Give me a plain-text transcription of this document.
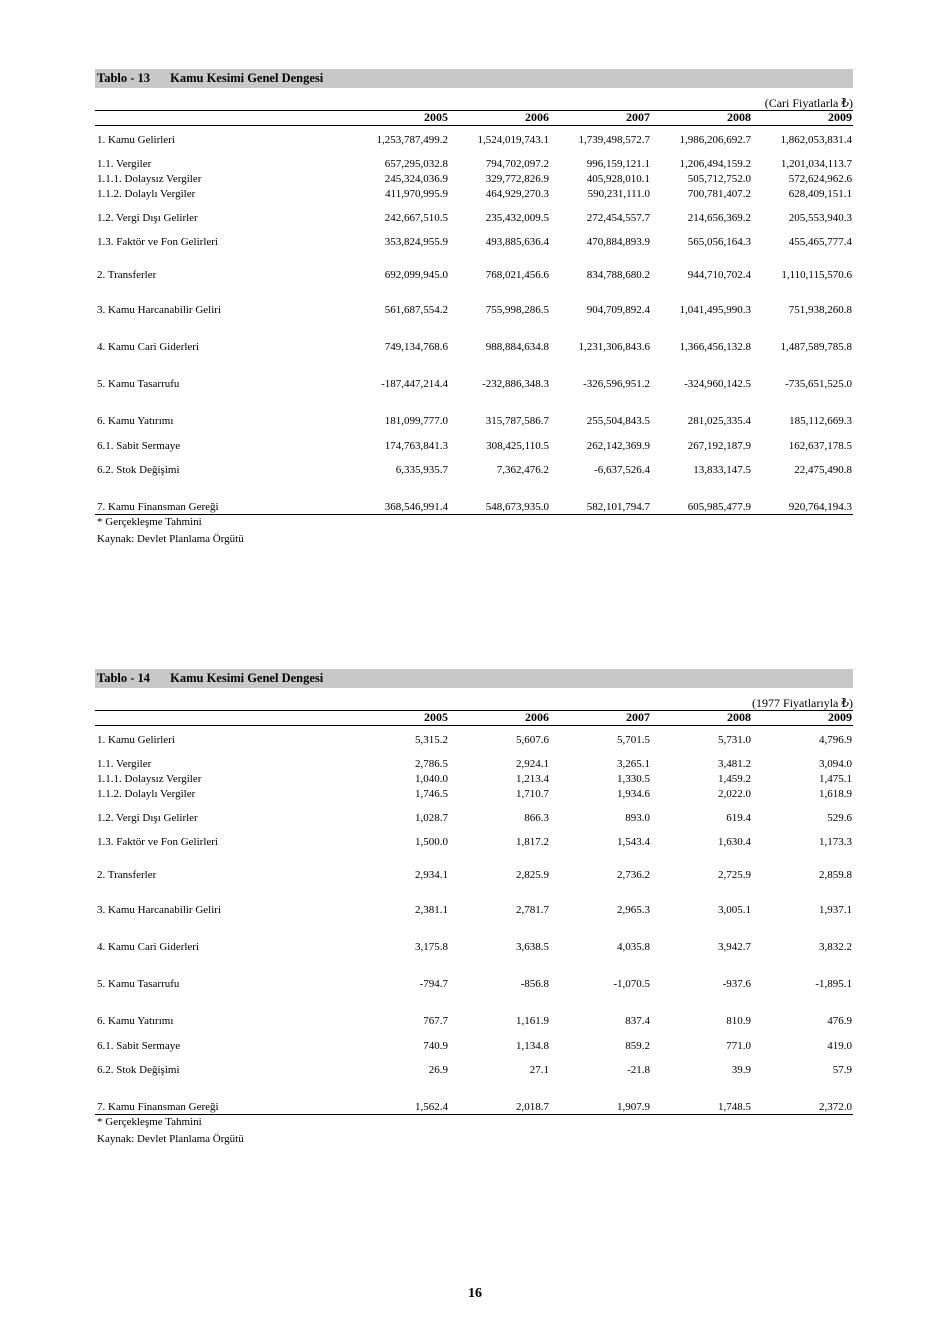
Tablo - 13 Kamu Kesimi Genel Dengesi
(Cari Fiyatlarla ₺)
2005	2006	2007	2008	2009
1. Kamu Gelirleri	1,253,787,499.2	1,524,019,743.1	1,739,498,572.7	1,986,206,692.7	1,862,053,831.4
1.1. Vergiler	657,295,032.8	794,702,097.2	996,159,121.1	1,206,494,159.2	1,201,034,113.7
1.1.1. Dolaysız Vergiler	245,324,036.9	329,772,826.9	405,928,010.1	505,712,752.0	572,624,962.6
1.1.2. Dolaylı Vergiler	411,970,995.9	464,929,270.3	590,231,111.0	700,781,407.2	628,409,151.1
1.2. Vergi Dışı Gelirler	242,667,510.5	235,432,009.5	272,454,557.7	214,656,369.2	205,553,940.3
1.3. Faktör ve Fon Gelirleri	353,824,955.9	493,885,636.4	470,884,893.9	565,056,164.3	455,465,777.4
2. Transferler	692,099,945.0	768,021,456.6	834,788,680.2	944,710,702.4	1,110,115,570.6
3. Kamu Harcanabilir Geliri	561,687,554.2	755,998,286.5	904,709,892.4	1,041,495,990.3	751,938,260.8
4. Kamu Cari Giderleri	749,134,768.6	988,884,634.8	1,231,306,843.6	1,366,456,132.8	1,487,589,785.8
5. Kamu Tasarrufu	-187,447,214.4	-232,886,348.3	-326,596,951.2	-324,960,142.5	-735,651,525.0
6. Kamu Yatırımı	181,099,777.0	315,787,586.7	255,504,843.5	281,025,335.4	185,112,669.3
6.1. Sabit Sermaye	174,763,841.3	308,425,110.5	262,142,369.9	267,192,187.9	162,637,178.5
6.2. Stok Değişimi	6,335,935.7	7,362,476.2	-6,637,526.4	13,833,147.5	22,475,490.8
7. Kamu Finansman Gereği	368,546,991.4	548,673,935.0	582,101,794.7	605,985,477.9	920,764,194.3
* Gerçekleşme Tahmini
Kaynak: Devlet Planlama Örgütü
Tablo - 14 Kamu Kesimi Genel Dengesi
(1977 Fiyatlarıyla ₺)
2005	2006	2007	2008	2009
1. Kamu Gelirleri	5,315.2	5,607.6	5,701.5	5,731.0	4,796.9
1.1. Vergiler	2,786.5	2,924.1	3,265.1	3,481.2	3,094.0
1.1.1. Dolaysız Vergiler	1,040.0	1,213.4	1,330.5	1,459.2	1,475.1
1.1.2. Dolaylı Vergiler	1,746.5	1,710.7	1,934.6	2,022.0	1,618.9
1.2. Vergi Dışı Gelirler	1,028.7	866.3	893.0	619.4	529.6
1.3. Faktör ve Fon Gelirleri	1,500.0	1,817.2	1,543.4	1,630.4	1,173.3
2. Transferler	2,934.1	2,825.9	2,736.2	2,725.9	2,859.8
3. Kamu Harcanabilir Geliri	2,381.1	2,781.7	2,965.3	3,005.1	1,937.1
4. Kamu Cari Giderleri	3,175.8	3,638.5	4,035.8	3,942.7	3,832.2
5. Kamu Tasarrufu	-794.7	-856.8	-1,070.5	-937.6	-1,895.1
6. Kamu Yatırımı	767.7	1,161.9	837.4	810.9	476.9
6.1. Sabit Sermaye	740.9	1,134.8	859.2	771.0	419.0
6.2. Stok Değişimi	26.9	27.1	-21.8	39.9	57.9
7. Kamu Finansman Gereği	1,562.4	2,018.7	1,907.9	1,748.5	2,372.0
* Gerçekleşme Tahmini
Kaynak: Devlet Planlama Örgütü
16
